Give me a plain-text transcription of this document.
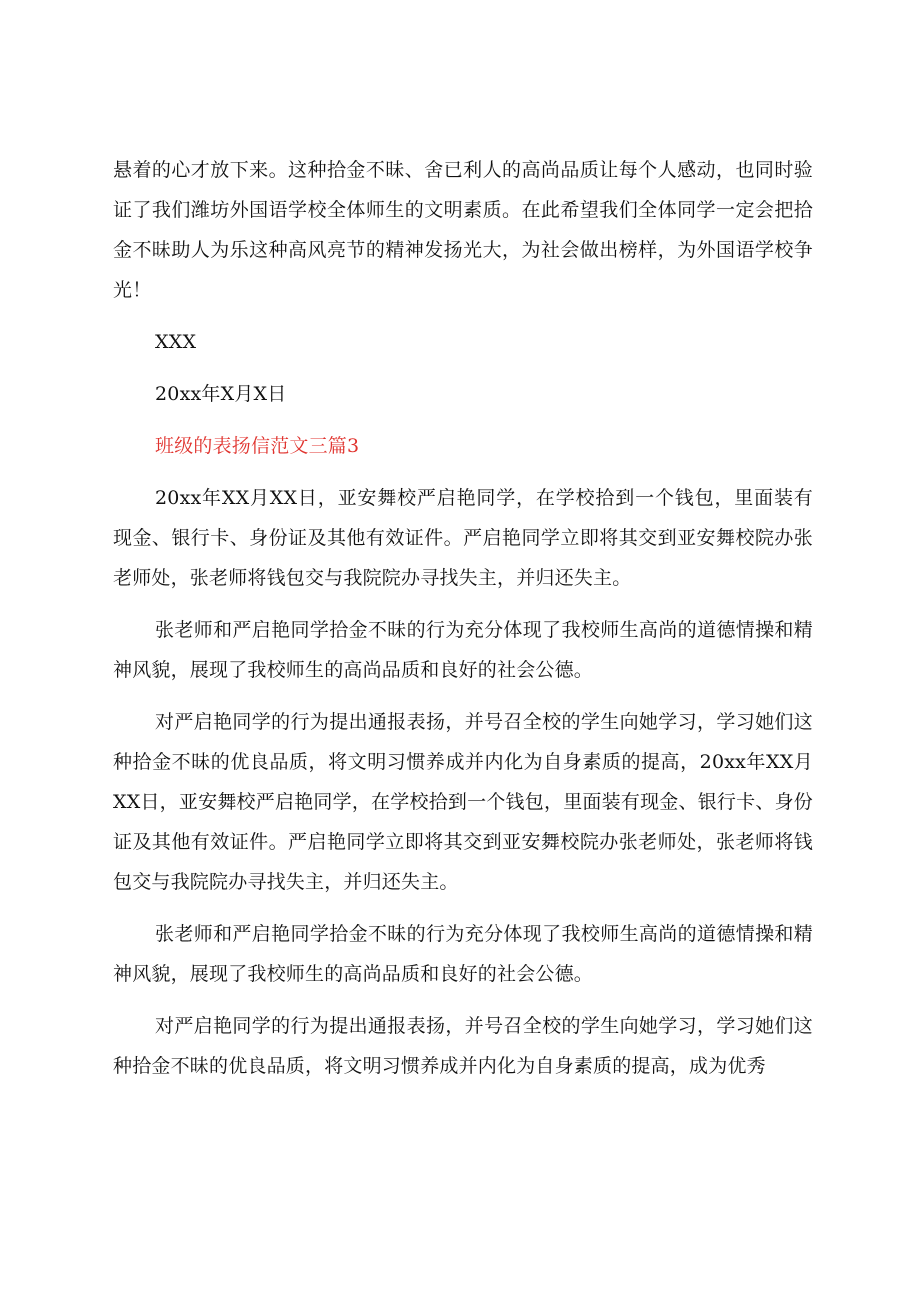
悬着的心才放下来。这种拾金不昧、舍已利人的高尚品质让每个人感动，也同时验证了我们潍坊外国语学校全体师生的文明素质。在此希望我们全体同学一定会把拾金不昧助人为乐这种高风亮节的精神发扬光大，为社会做出榜样，为外国语学校争光！

XXX

20xx年X月X日

班级的表扬信范文三篇3

20xx年XX月XX日，亚安舞校严启艳同学，在学校拾到一个钱包，里面装有现金、银行卡、身份证及其他有效证件。严启艳同学立即将其交到亚安舞校院办张老师处，张老师将钱包交与我院院办寻找失主，并归还失主。

张老师和严启艳同学拾金不昧的行为充分体现了我校师生高尚的道德情操和精神风貌，展现了我校师生的高尚品质和良好的社会公德。

对严启艳同学的行为提出通报表扬，并号召全校的学生向她学习，学习她们这种拾金不昧的优良品质，将文明习惯养成并内化为自身素质的提高，20xx年XX月XX日，亚安舞校严启艳同学，在学校拾到一个钱包，里面装有现金、银行卡、身份证及其他有效证件。严启艳同学立即将其交到亚安舞校院办张老师处，张老师将钱包交与我院院办寻找失主，并归还失主。

张老师和严启艳同学拾金不昧的行为充分体现了我校师生高尚的道德情操和精神风貌，展现了我校师生的高尚品质和良好的社会公德。

对严启艳同学的行为提出通报表扬，并号召全校的学生向她学习，学习她们这种拾金不昧的优良品质，将文明习惯养成并内化为自身素质的提高，成为优秀
